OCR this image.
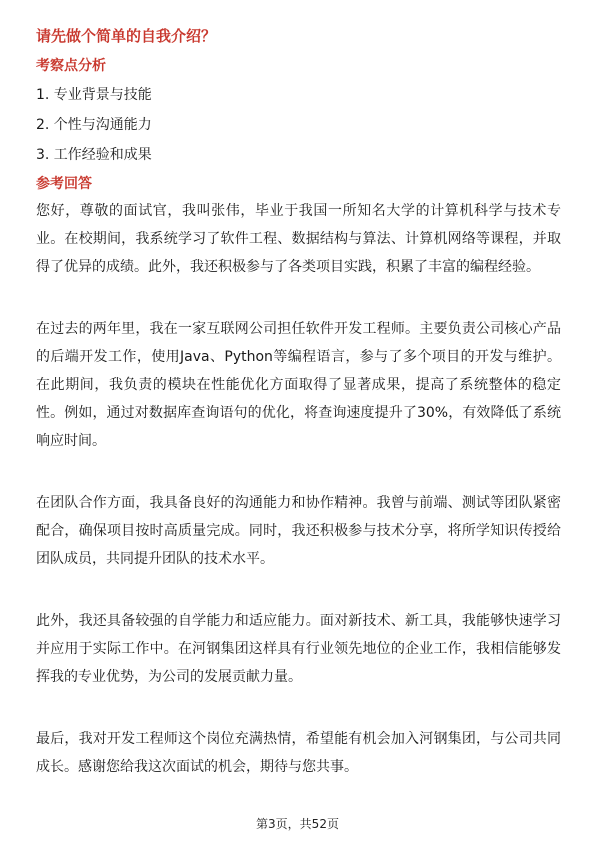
请先做个简单的自我介绍？
考察点分析
1. 专业背景与技能
2. 个性与沟通能力
3. 工作经验和成果
参考回答

您好，尊敬的面试官，我叫张伟，毕业于我国一所知名大学的计算机科学与技术专业。在校期间，我系统学习了软件工程、数据结构与算法、计算机网络等课程，并取得了优异的成绩。此外，我还积极参与了各类项目实践，积累了丰富的编程经验。

在过去的两年里，我在一家互联网公司担任软件开发工程师。主要负责公司核心产品的后端开发工作，使用Java、Python等编程语言，参与了多个项目的开发与维护。在此期间，我负责的模块在性能优化方面取得了显著成果，提高了系统整体的稳定性。例如，通过对数据库查询语句的优化，将查询速度提升了30%，有效降低了系统响应时间。

在团队合作方面，我具备良好的沟通能力和协作精神。我曾与前端、测试等团队紧密配合，确保项目按时高质量完成。同时，我还积极参与技术分享，将所学知识传授给团队成员，共同提升团队的技术水平。

此外，我还具备较强的自学能力和适应能力。面对新技术、新工具，我能够快速学习并应用于实际工作中。在河钢集团这样具有行业领先地位的企业工作，我相信能够发挥我的专业优势，为公司的发展贡献力量。

最后，我对开发工程师这个岗位充满热情，希望能有机会加入河钢集团，与公司共同成长。感谢您给我这次面试的机会，期待与您共事。

第3页，共52页
